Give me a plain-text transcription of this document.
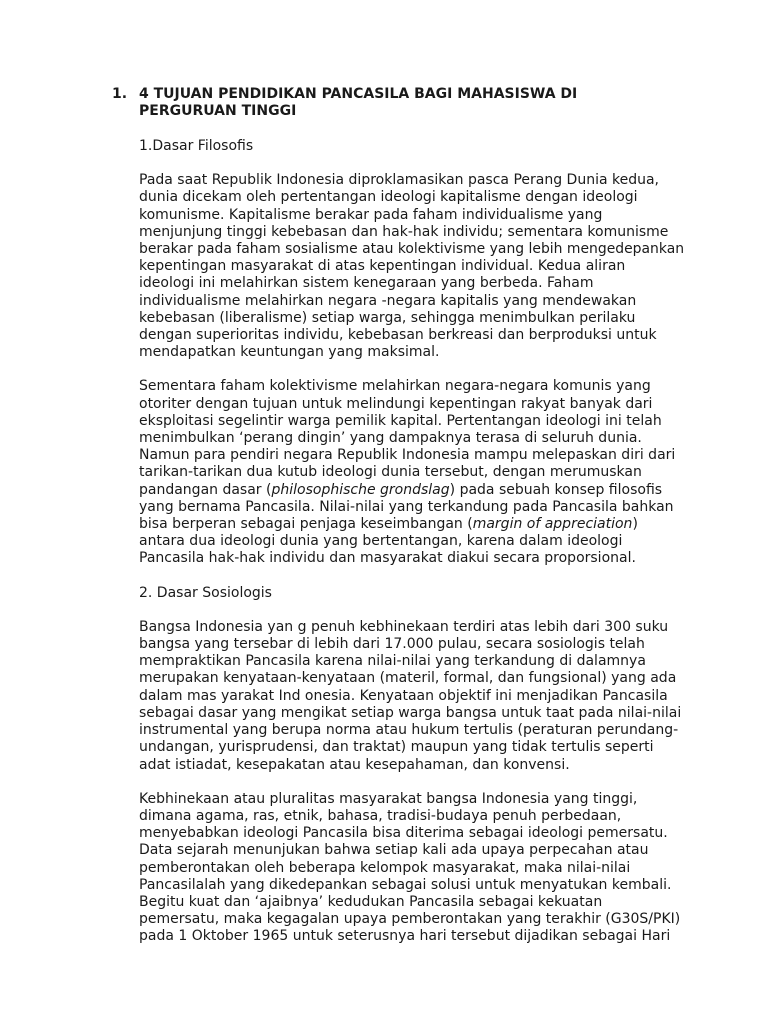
1. 4 TUJUAN PENDIDIKAN PANCASILA BAGI MAHASISWA DI PERGURUAN TINGGI
1.Dasar Filosofis
Pada saat Republik Indonesia diproklamasikan pasca Perang Dunia kedua,
dunia dicekam oleh pertentangan ideologi kapitalisme dengan ideologi
komunisme. Kapitalisme berakar pada faham individualisme yang
menjunjung tinggi kebebasan dan hak-hak individu; sementara komunisme
berakar pada faham sosialisme atau kolektivisme yang lebih mengedepankan
kepentingan masyarakat di atas kepentingan individual. Kedua aliran
ideologi ini melahirkan sistem kenegaraan yang berbeda. Faham
individualisme melahirkan negara -negara kapitalis yang mendewakan
kebebasan (liberalisme) setiap warga, sehingga menimbulkan perilaku
dengan superioritas individu, kebebasan berkreasi dan berproduksi untuk
mendapatkan keuntungan yang maksimal.
Sementara faham kolektivisme melahirkan negara-negara komunis yang
otoriter dengan tujuan untuk melindungi kepentingan rakyat banyak dari
eksploitasi segelintir warga pemilik kapital. Pertentangan ideologi ini telah
menimbulkan ‘perang dingin’ yang dampaknya terasa di seluruh dunia.
Namun para pendiri negara Republik Indonesia mampu melepaskan diri dari
tarikan-tarikan dua kutub ideologi dunia tersebut, dengan merumuskan
pandangan dasar (philosophische grondslag) pada sebuah konsep filosofis
yang bernama Pancasila. Nilai-nilai yang terkandung pada Pancasila bahkan
bisa berperan sebagai penjaga keseimbangan (margin of appreciation)
antara dua ideologi dunia yang bertentangan, karena dalam ideologi
Pancasila hak-hak individu dan masyarakat diakui secara proporsional.
2. Dasar Sosiologis
Bangsa Indonesia yan g penuh kebhinekaan terdiri atas lebih dari 300 suku
bangsa yang tersebar di lebih dari 17.000 pulau, secara sosiologis telah
mempraktikan Pancasila karena nilai-nilai yang terkandung di dalamnya
merupakan kenyataan-kenyataan (materil, formal, dan fungsional) yang ada
dalam mas yarakat Ind onesia. Kenyataan objektif ini menjadikan Pancasila
sebagai dasar yang mengikat setiap warga bangsa untuk taat pada nilai-nilai
instrumental yang berupa norma atau hukum tertulis (peraturan perundang-
undangan, yurisprudensi, dan traktat) maupun yang tidak tertulis seperti
adat istiadat, kesepakatan atau kesepahaman, dan konvensi.
Kebhinekaan atau pluralitas masyarakat bangsa Indonesia yang tinggi,
dimana agama, ras, etnik, bahasa, tradisi-budaya penuh perbedaan,
menyebabkan ideologi Pancasila bisa diterima sebagai ideologi pemersatu.
Data sejarah menunjukan bahwa setiap kali ada upaya perpecahan atau
pemberontakan oleh beberapa kelompok masyarakat, maka nilai-nilai
Pancasilalah yang dikedepankan sebagai solusi untuk menyatukan kembali.
Begitu kuat dan ‘ajaibnya’ kedudukan Pancasila sebagai kekuatan
pemersatu, maka kegagalan upaya pemberontakan yang terakhir (G30S/PKI)
pada 1 Oktober 1965 untuk seterusnya hari tersebut dijadikan sebagai Hari
